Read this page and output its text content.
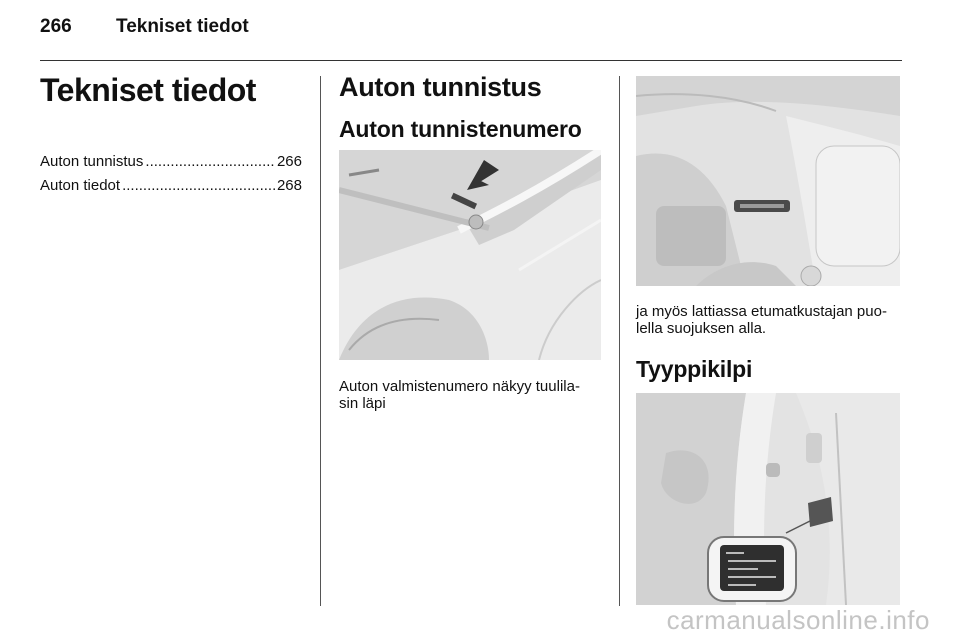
266 Tekniset tiedot
Tekniset tiedot
Auton tunnistus .....	266
Auton tiedot .....	268
Auton tunnistus
Auton tunnistenumero
Auton valmistenumero näkyy tuulila-
sin läpi
ja myös lattiassa etumatkustajan puo-
lella suojuksen alla.
Tyyppikilpi
carmanualsonline.info
